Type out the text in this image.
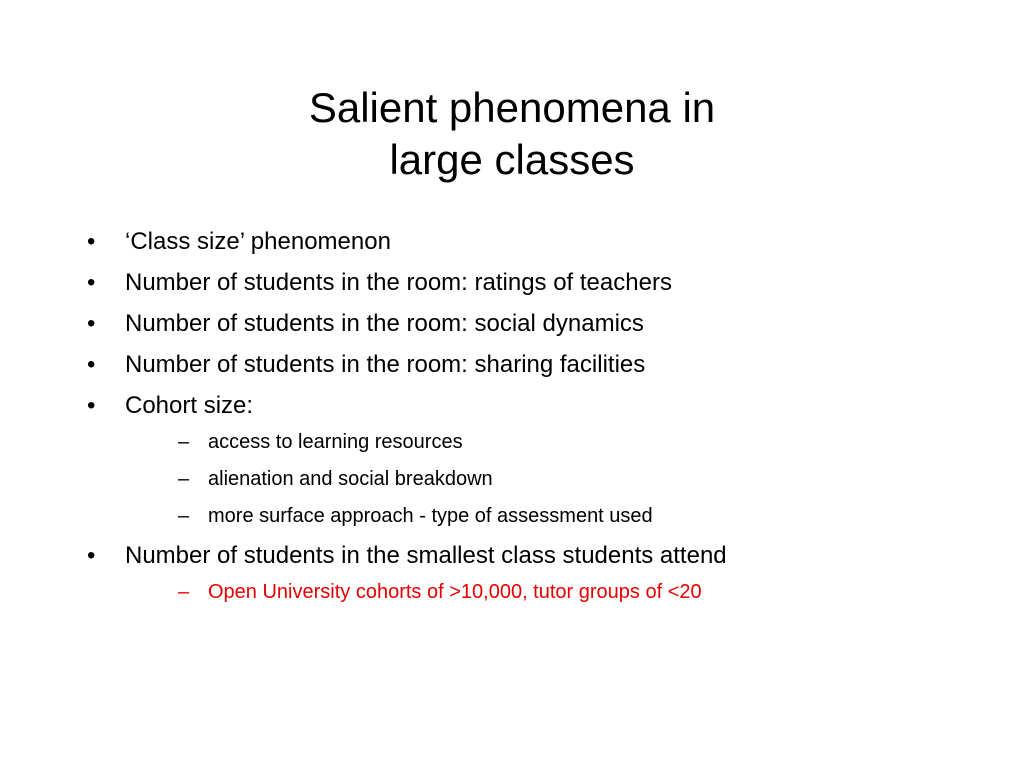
Salient phenomena in
large classes
•	‘Class size’ phenomenon
•	Number of students in the room: ratings of teachers
•	Number of students in the room: social dynamics
•	Number of students in the room: sharing facilities
•	Cohort size:
– access to learning resources
– alienation and social breakdown
– more surface approach - type of assessment used
•	Number of students in the smallest class students attend
– Open University cohorts of >10,000, tutor groups of <20
